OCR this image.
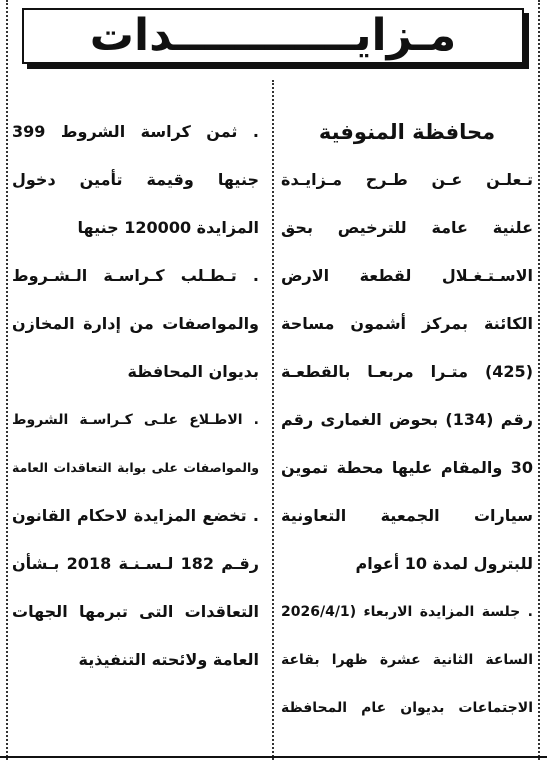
مـزايــــــــــــدات
محافظة المنوفية
تـعلـن عـن طـرح مـزايـدة
علنية عامة للترخيص بحق
الاسـتـغـلال لقطعة الارض
الكائنة بمركز أشمون مساحة
(425) متـرا مربعـا بالقطعـة
رقم (134) بحوض الغمارى رقم
30 والمقام عليها محطة تموين
سيارات الجمعية التعاونية
للبترول لمدة 10 أعوام
. جلسة المزايدة الاربعاء (2026/4/1
الساعة الثانية عشرة ظهرا بقاعة
الاجتماعات بديوان عام المحافظة
. ثمن كراسة الشروط 399
جنيها وقيمة تأمين دخول
المزايدة 120000 جنيها
. تـطـلب كـراسـة الـشـروط
والمواصفات من إدارة المخازن
بديوان المحافظة
. الاطـلاع علـى كـراسـة الشروط
والمواصفات على بوابة التعاقدات العامة
. تخضع المزايدة لاحكام القانون
رقـم 182 لـسـنـة 2018 بـشأن
التعاقدات التى تبرمها الجهات
العامة ولائحته التنفيذية
